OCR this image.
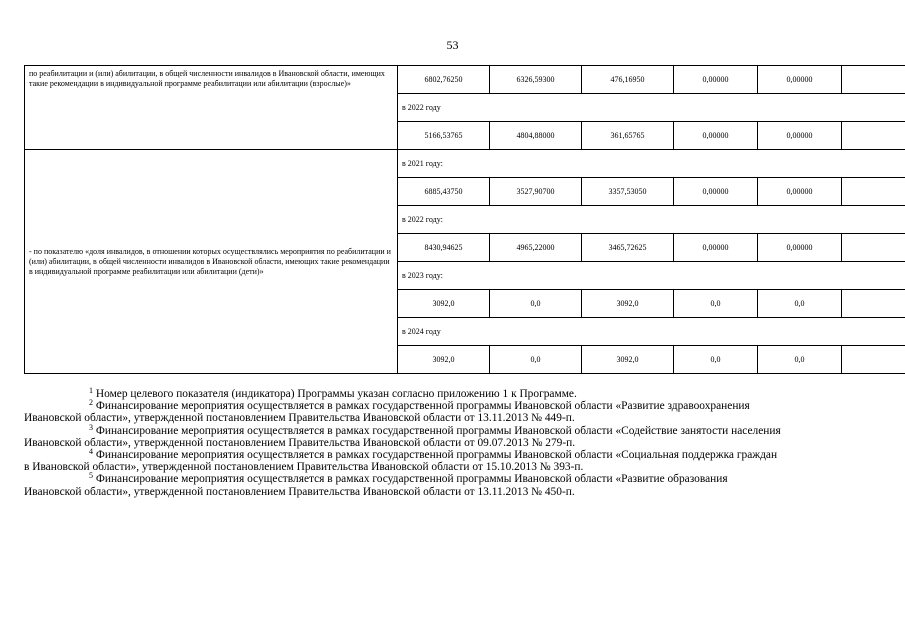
53
по реабилитации и (или) абилитации, в общей численности инвалидов в Ивановской области, имеющих такие рекомендации в индивидуальной программе реабилитации или абилитации (взрослые)»	6802,76250	6326,59300	476,16950	0,00000	0,00000	
	в 2022 году					
	5166,53765	4804,88000	361,65765	0,00000	0,00000	
- по показателю «доля инвалидов, в отношении которых осуществлялись мероприятия по реабилитации и (или) абилитации, в общей численности инвалидов в Ивановской области, имеющих такие рекомендации в индивидуальной программе реабилитации или абилитации (дети)»	в 2021 году:					
	6885,43750	3527,90700	3357,53050	0,00000	0,00000	
	в 2022 году:					
	8430,94625	4965,22000	3465,72625	0,00000	0,00000	
	в 2023 году:					
	3092,0	0,0	3092,0	0,0	0,0	
	в 2024 году					
	3092,0	0,0	3092,0	0,0	0,0	

$^1$ Номер целевого показателя (индикатора) Программы указан согласно приложению 1 к Программе.

$^2$ Финансирование мероприятия осуществляется в рамках государственной программы Ивановской области «Развитие здравоохранения
Ивановской области», утвержденной постановлением Правительства Ивановской области от 13.11.2013 № 449-п.

$^3$ Финансирование мероприятия осуществляется в рамках государственной программы Ивановской области «Содействие занятости населения
Ивановской области», утвержденной постановлением Правительства Ивановской области от 09.07.2013 № 279-п.

$^4$ Финансирование мероприятия осуществляется в рамках государственной программы Ивановской области «Социальная поддержка граждан
в Ивановской области», утвержденной постановлением Правительства Ивановской области от 15.10.2013 № 393-п.

$^5$ Финансирование мероприятия осуществляется в рамках государственной программы Ивановской области «Развитие образования
Ивановской области», утвержденной постановлением Правительства Ивановской области от 13.11.2013 № 450-п.
